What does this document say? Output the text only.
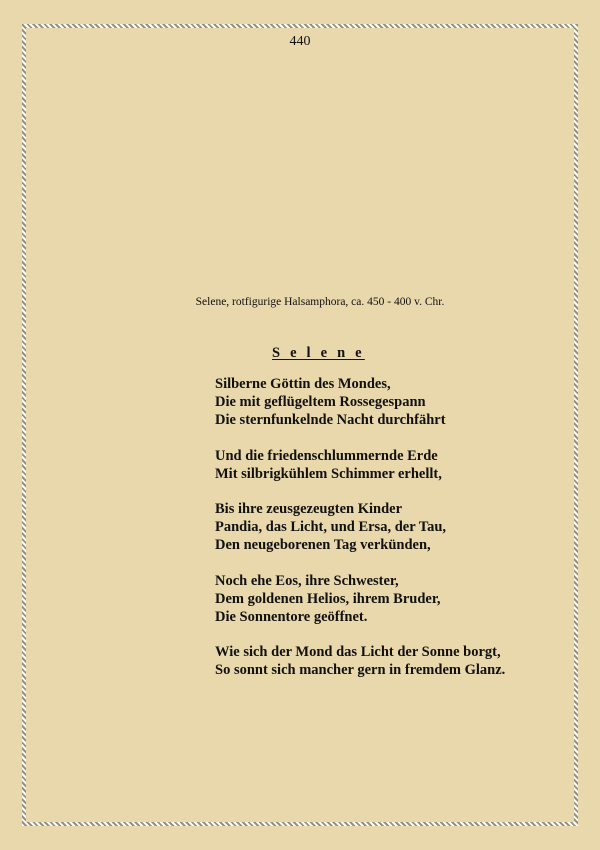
440
Selene, rotfigurige Halsamphora, ca. 450 - 400 v. Chr.
S e l e n e
Silberne Göttin des Mondes,
Die mit geflügeltem Rossegespann
Die sternfunkelnde Nacht durchfährt
Und die friedenschlummernde Erde
Mit silbrigkühlem Schimmer erhellt,
Bis ihre zeusgezeugten Kinder
Pandia, das Licht, und Ersa, der Tau,
Den neugeborenen Tag verkünden,
Noch ehe Eos, ihre Schwester,
Dem goldenen Helios, ihrem Bruder,
Die Sonnentore geöffnet.
Wie sich der Mond das Licht der Sonne borgt,
So sonnt sich mancher gern in fremdem Glanz.
